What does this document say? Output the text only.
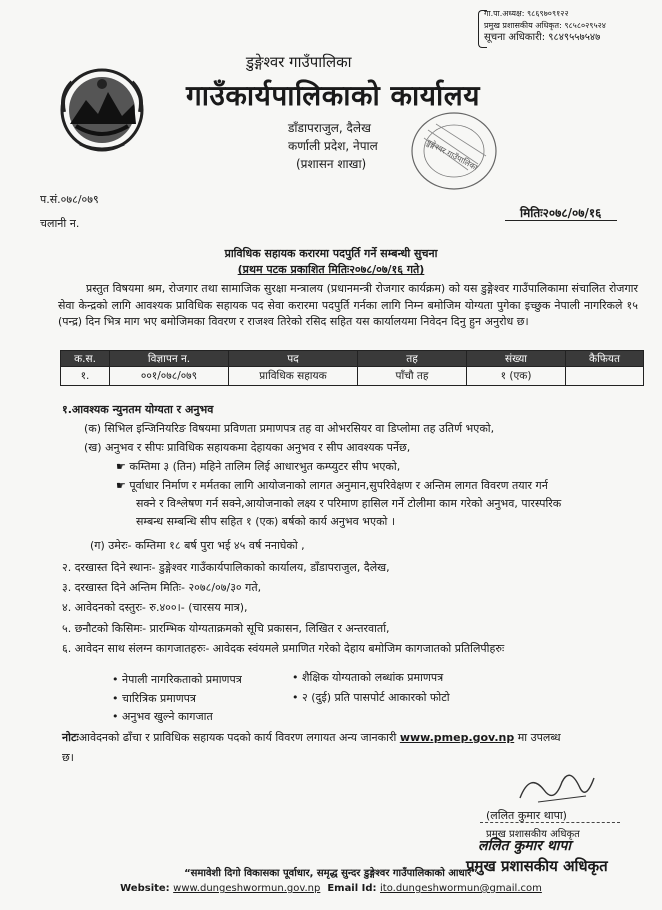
गा.पा.अध्यक्ष: ९८६९७०९१२२
प्रमुख प्रशासकीय अधिकृत: ९८५८०२९५२४
सूचना अधिकारी: ९८४९५५७५४७
डुङ्गेश्वर गाउँपालिका
गाउँकार्यपालिकाको कार्यालय
डाँडापराजुल, दैलेख
कर्णाली प्रदेश, नेपाल
(प्रशासन शाखा)	डुङ्गेश्वर गाउँपालिका
प.सं.०७८/०७९
चलानी न.
मितिः२०७८/०७/१६
प्राविधिक सहायक करारमा पदपुर्ति गर्ने सम्बन्धी सुचना
(प्रथम पटक प्रकाशित मितिः२०७८/०७/१६ गते)
प्रस्तुत विषयमा श्रम, रोजगार तथा सामाजिक सुरक्षा मन्त्रालय (प्रधानमन्त्री रोजगार कार्यक्रम) को यस डुङ्गेश्वर गाउँपालिकामा संचालित रोजगार सेवा केन्द्रको लागि आवश्यक प्राविधिक सहायक पद सेवा करारमा पदपुर्ति गर्नका लागि निम्न बमोजिम योग्यता पुगेका इच्छुक नेपाली नागरिकले १५ (पन्द्र) दिन भित्र माग भए बमोजिमका विवरण र राजश्व तिरेको रसिद सहित यस कार्यालयमा निवेदन दिनु हुन अनुरोध छ।
क.स.	विज्ञापन न.	पद	तह	संख्या	कैफियत
१.	००१/०७८/०७९	प्राविधिक सहायक	पाँचौ तह	१ (एक)	
१.आवश्यक न्युनतम योग्यता र अनुभव
(क) सिभिल इन्जिनियरिङ विषयमा प्रविणता प्रमाणपत्र तह वा ओभरसियर वा डिप्लोमा तह उतिर्ण भएको,
(ख) अनुभव र सीपः प्राविधिक सहायकमा देहायका अनुभव र सीप आवश्यक पर्नेछ,
☛ कम्तिमा ३ (तिन) महिने तालिम लिई आधारभुत कम्प्युटर सीप भएको,
☛ पूर्वाधार निर्माण र मर्मतका लागि आयोजनाको लागत अनुमान,सुपरिवेक्षण र अन्तिम लागत विवरण तयार गर्न
सक्ने र विश्लेषण गर्न सक्ने,आयोजनाको लक्ष्य र परिमाण हासिल गर्ने टोलीमा काम गरेको अनुभव, पारस्परिक
सम्बन्ध सम्बन्धि सीप सहित १ (एक) बर्षको कार्य अनुभव भएको ।
(ग) उमेरः- कम्तिमा १८ बर्ष पुरा भई ४५ वर्ष ननाघेको ,
२. दरखास्त दिने स्थानः- डुङ्गेश्वर गाउँकार्यपालिकाको कार्यालय, डाँडापराजुल, दैलेख,
३. दरखास्त दिने अन्तिम मितिः- २०७८/०७/३० गते,
४. आवेदनको दस्तुरः- रु.४००।- (चारसय मात्र),
५. छनौटको किसिमः- प्रारम्भिक योग्यताक्रमको सूचि प्रकासन, लिखित र अन्तरवार्ता,
६. आवेदन साथ संलग्न कागजातहरुः- आवेदक स्वंयमले प्रमाणित गरेको देहाय बमोजिम कागजातको प्रतिलिपीहरुः
• नेपाली नागरिकताको प्रमाणपत्र	• शैक्षिक योग्यताको लब्धांक प्रमाणपत्र
• चारित्रिक प्रमाणपत्र	• २ (दुई) प्रति पासपोर्ट आकारको फोटो
• अनुभव खुल्ने कागजात
नोटःआवेदनको ढाँचा र प्राविधिक सहायक पदको कार्य विवरण लगायत अन्य जानकारी www.pmep.gov.np मा उपलब्ध
छ।
(ललित कुमार थापा)
प्रमुख प्रशासकीय अधिकृत
ललित कुमार थापा
प्रमुख प्रशासकीय अधिकृत
“समावेशी दिगो विकासका पूर्वाधार, समृद्ध सुन्दर डुङ्गेश्वर गाउँपालिकाको आधार”
Website: www.dungeshwormun.gov.np Email Id: ito.dungeshwormun@gmail.com
